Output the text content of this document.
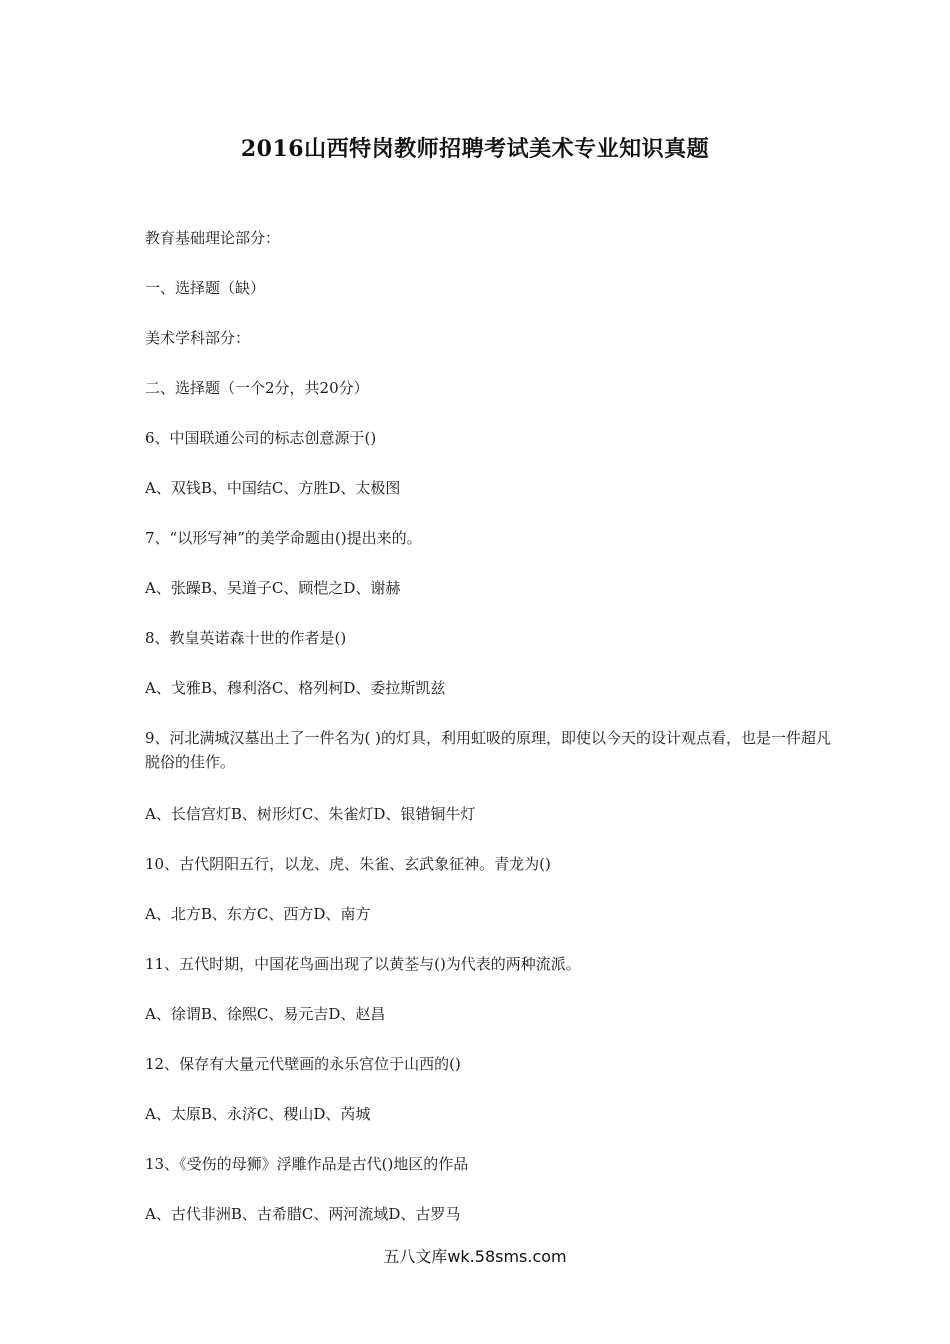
2016山西特岗教师招聘考试美术专业知识真题

教育基础理论部分：

一、选择题（缺）

美术学科部分：

二、选择题（一个2分，共20分）

6、中国联通公司的标志创意源于()

A、双钱B、中国结C、方胜D、太极图

7、“以形写神”的美学命题由()提出来的。

A、张躁B、吴道子C、顾恺之D、谢赫

8、教皇英诺森十世的作者是()

A、戈雅B、穆利洛C、格列柯D、委拉斯凯兹

9、河北满城汉墓出土了一件名为( )的灯具，利用虹吸的原理，即使以今天的设计观点看，也是一件超凡脱俗的佳作。

A、长信宫灯B、树形灯C、朱雀灯D、银错铜牛灯

10、古代阴阳五行，以龙、虎、朱雀、玄武象征神。青龙为()

A、北方B、东方C、西方D、南方

11、五代时期，中国花鸟画出现了以黄荃与()为代表的两种流派。

A、徐谓B、徐熙C、易元吉D、赵昌

12、保存有大量元代壁画的永乐宫位于山西的()

A、太原B、永济C、稷山D、芮城

13、《受伤的母狮》浮雕作品是古代()地区的作品

A、古代非洲B、古希腊C、两河流域D、古罗马

五八文库wk.58sms.com
